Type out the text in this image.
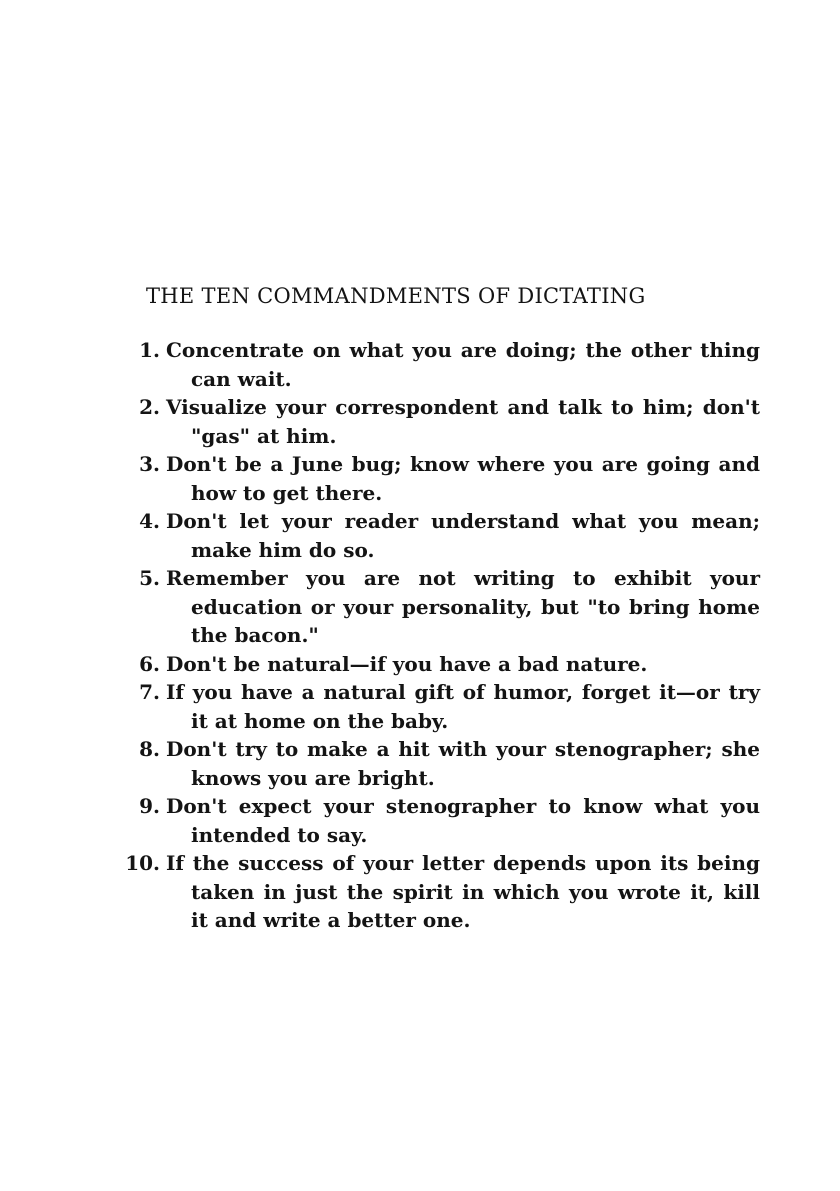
THE TEN COMMANDMENTS OF DICTATING
1. Concentrate on what you are doing; the other thing can wait.
2. Visualize your correspondent and talk to him; don't "gas" at him.
3. Don't be a June bug; know where you are going and how to get there.
4. Don't let your reader understand what you mean; make him do so.
5. Remember you are not writing to exhibit your education or your personality, but "to bring home the bacon."
6. Don't be natural—if you have a bad nature.
7. If you have a natural gift of humor, forget it—or try it at home on the baby.
8. Don't try to make a hit with your stenographer; she knows you are bright.
9. Don't expect your stenographer to know what you intended to say.
10. If the success of your letter depends upon its being taken in just the spirit in which you wrote it, kill it and write a better one.
